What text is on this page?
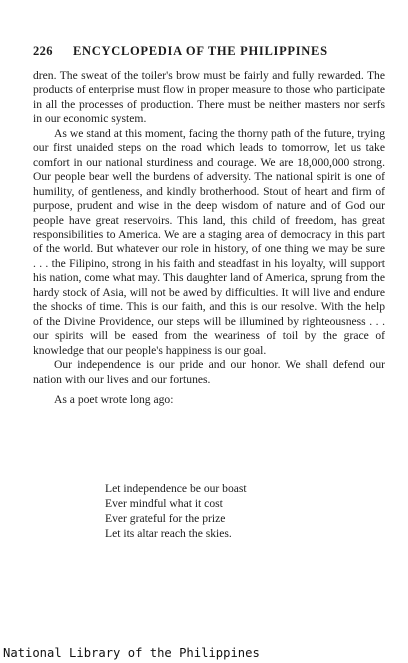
226 ENCYCLOPEDIA OF THE PHILIPPINES

dren. The sweat of the toiler's brow must be fairly and fully rewarded. The products of enterprise must flow in proper measure to those who participate in all the processes of production. There must be neither masters nor serfs in our economic system.

As we stand at this moment, facing the thorny path of the future, trying our first unaided steps on the road which leads to tomorrow, let us take comfort in our national sturdiness and courage. We are 18,000,000 strong. Our people bear well the burdens of adversity. The national spirit is one of humility, of gentleness, and kindly brotherhood. Stout of heart and firm of purpose, prudent and wise in the deep wisdom of nature and of God our people have great reservoirs. This land, this child of freedom, has great responsibilities to America. We are a staging area of democracy in this part of the world. But whatever our role in history, of one thing we may be sure . . . the Filipino, strong in his faith and steadfast in his loyalty, will support his nation, come what may. This daughter land of America, sprung from the hardy stock of Asia, will not be awed by difficulties. It will live and endure the shocks of time. This is our faith, and this is our resolve. With the help of the Divine Providence, our steps will be illumined by righteousness . . . our spirits will be eased from the weariness of toil by the grace of knowledge that our people's happiness is our goal.

Our independence is our pride and our honor. We shall defend our nation with our lives and our fortunes.

As a poet wrote long ago:

Let independence be our boast
Ever mindful what it cost
Ever grateful for the prize
Let its altar reach the skies.
National Library of the Philippines
